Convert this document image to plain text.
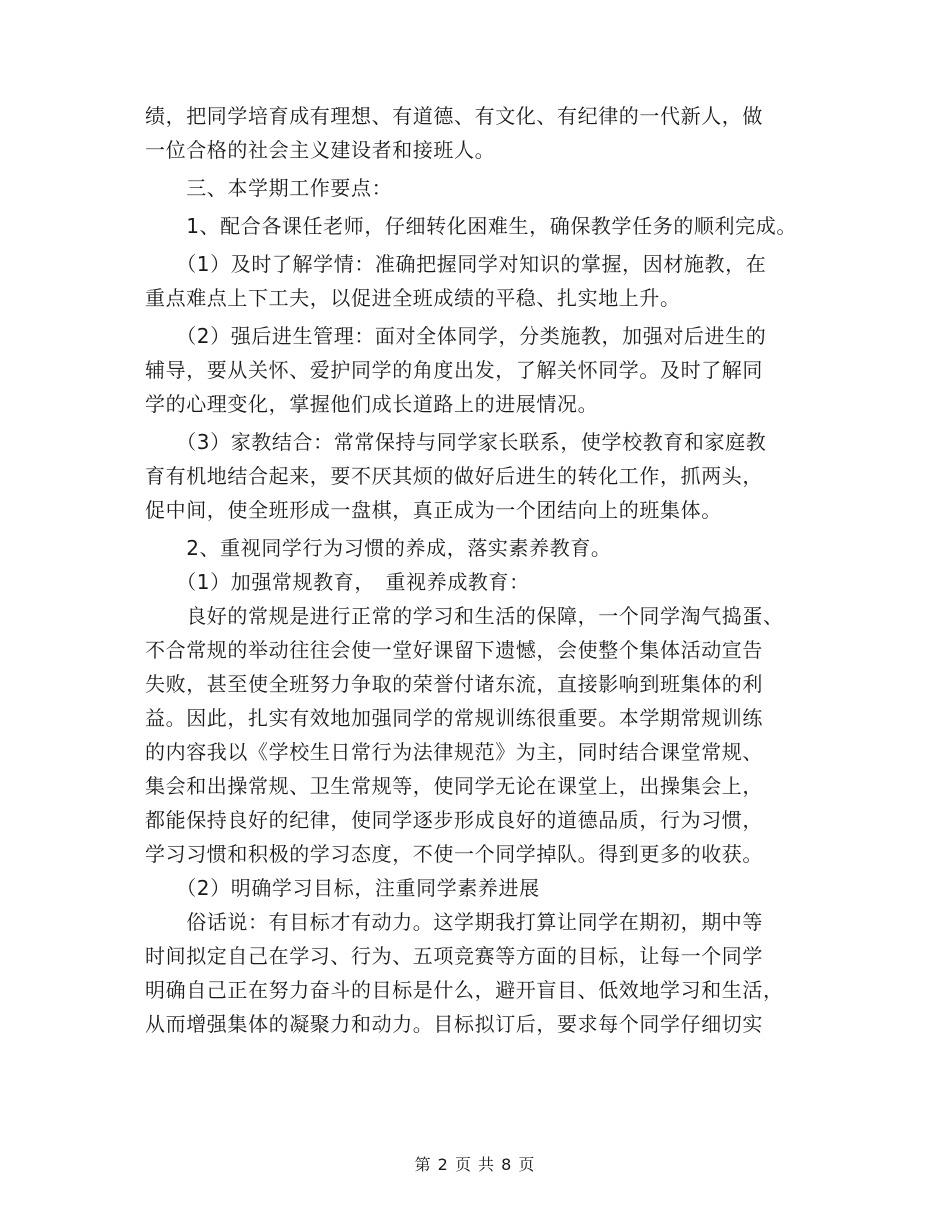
绩，把同学培育成有理想、有道德、有文化、有纪律的一代新人，做
一位合格的社会主义建设者和接班人。
　　三、本学期工作要点：
　　1、配合各课任老师，仔细转化困难生，确保教学任务的顺利完成。
　　（1）及时了解学情：准确把握同学对知识的掌握，因材施教，在
重点难点上下工夫，以促进全班成绩的平稳、扎实地上升。
　　（2）强后进生管理：面对全体同学，分类施教，加强对后进生的
辅导，要从关怀、爱护同学的角度出发，了解关怀同学。及时了解同
学的心理变化，掌握他们成长道路上的进展情况。
　　（3）家教结合：常常保持与同学家长联系，使学校教育和家庭教
育有机地结合起来，要不厌其烦的做好后进生的转化工作，抓两头，
促中间，使全班形成一盘棋，真正成为一个团结向上的班集体。
　　2、重视同学行为习惯的养成，落实素养教育。
　　（1）加强常规教育，　重视养成教育：
　　良好的常规是进行正常的学习和生活的保障，一个同学淘气捣蛋、
不合常规的举动往往会使一堂好课留下遗憾，会使整个集体活动宣告
失败，甚至使全班努力争取的荣誉付诸东流，直接影响到班集体的利
益。因此，扎实有效地加强同学的常规训练很重要。本学期常规训练
的内容我以《学校生日常行为法律规范》为主，同时结合课堂常规、
集会和出操常规、卫生常规等，使同学无论在课堂上，出操集会上，
都能保持良好的纪律，使同学逐步形成良好的道德品质，行为习惯，
学习习惯和积极的学习态度，不使一个同学掉队。得到更多的收获。
　　（2）明确学习目标，注重同学素养进展
　　俗话说：有目标才有动力。这学期我打算让同学在期初，期中等
时间拟定自己在学习、行为、五项竞赛等方面的目标，让每一个同学
明确自己正在努力奋斗的目标是什么，避开盲目、低效地学习和生活，
从而增强集体的凝聚力和动力。目标拟订后，要求每个同学仔细切实
第 2 页 共 8 页
